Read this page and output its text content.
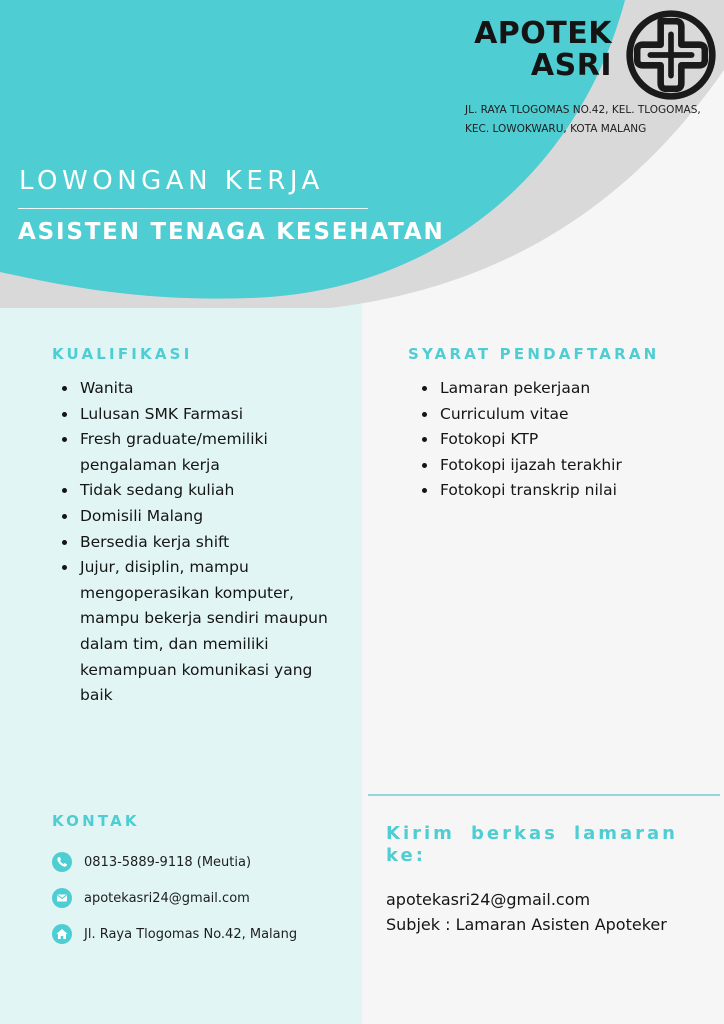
APOTEK
ASRI
JL. RAYA TLOGOMAS NO.42, KEL. TLOGOMAS,
KEC. LOWOKWARU, KOTA MALANG
LOWONGAN KERJA
ASISTEN TENAGA KESEHATAN
KUALIFIKASI
• Wanita
• Lulusan SMK Farmasi
• Fresh graduate/memiliki pengalaman kerja
• Tidak sedang kuliah
• Domisili Malang
• Bersedia kerja shift
• Jujur, disiplin, mampu mengoperasikan komputer, mampu bekerja sendiri maupun dalam tim, dan memiliki kemampuan komunikasi yang baik
SYARAT PENDAFTARAN
• Lamaran pekerjaan
• Curriculum vitae
• Fotokopi KTP
• Fotokopi ijazah terakhir
• Fotokopi transkrip nilai
KONTAK
0813-5889-9118 (Meutia)
apotekasri24@gmail.com
Jl. Raya Tlogomas No.42, Malang
Kirim berkas lamaran ke:
apotekasri24@gmail.com
Subjek : Lamaran Asisten Apoteker
